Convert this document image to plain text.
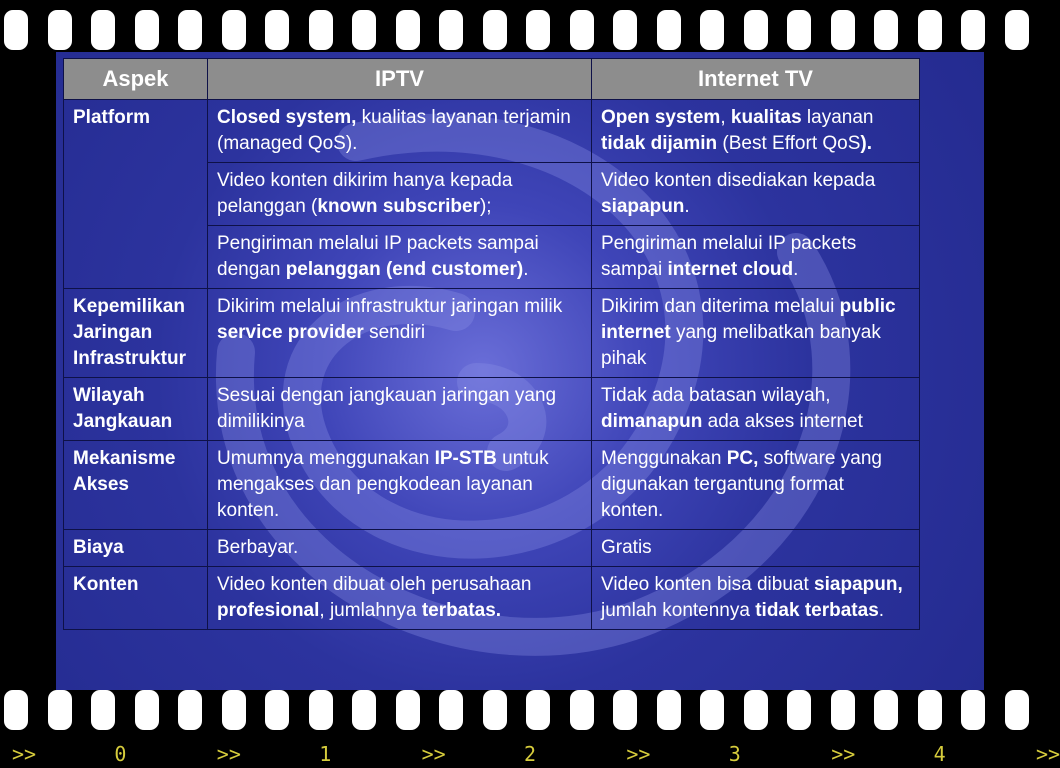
Aspek	IPTV	Internet TV
Platform	Closed system, kualitas layanan terjamin (managed QoS).	Open system, kualitas layanan tidak dijamin (Best Effort QoS).
	Video konten dikirim hanya kepada pelanggan (known subscriber);	Video konten disediakan kepada siapapun.
	Pengiriman melalui IP packets sampai dengan pelanggan (end customer).	Pengiriman melalui IP packets sampai internet cloud.
Kepemilikan Jaringan Infrastruktur	Dikirim melalui infrastruktur jaringan milik service provider sendiri	Dikirim dan diterima melalui public internet yang melibatkan banyak pihak
Wilayah Jangkauan	Sesuai dengan jangkauan jaringan yang dimilikinya	Tidak ada batasan wilayah, dimanapun ada akses internet
Mekanisme Akses	Umumnya menggunakan IP-STB untuk mengakses dan pengkodean layanan konten.	Menggunakan PC, software yang digunakan tergantung format konten.
Biaya	Berbayar.	Gratis
Konten	Video konten dibuat oleh perusahaan profesional, jumlahnya terbatas.	Video konten bisa dibuat siapapun, jumlah kontennya tidak terbatas.
>>	0	>>	1	>>	2	>>	3	>>	4	>>
